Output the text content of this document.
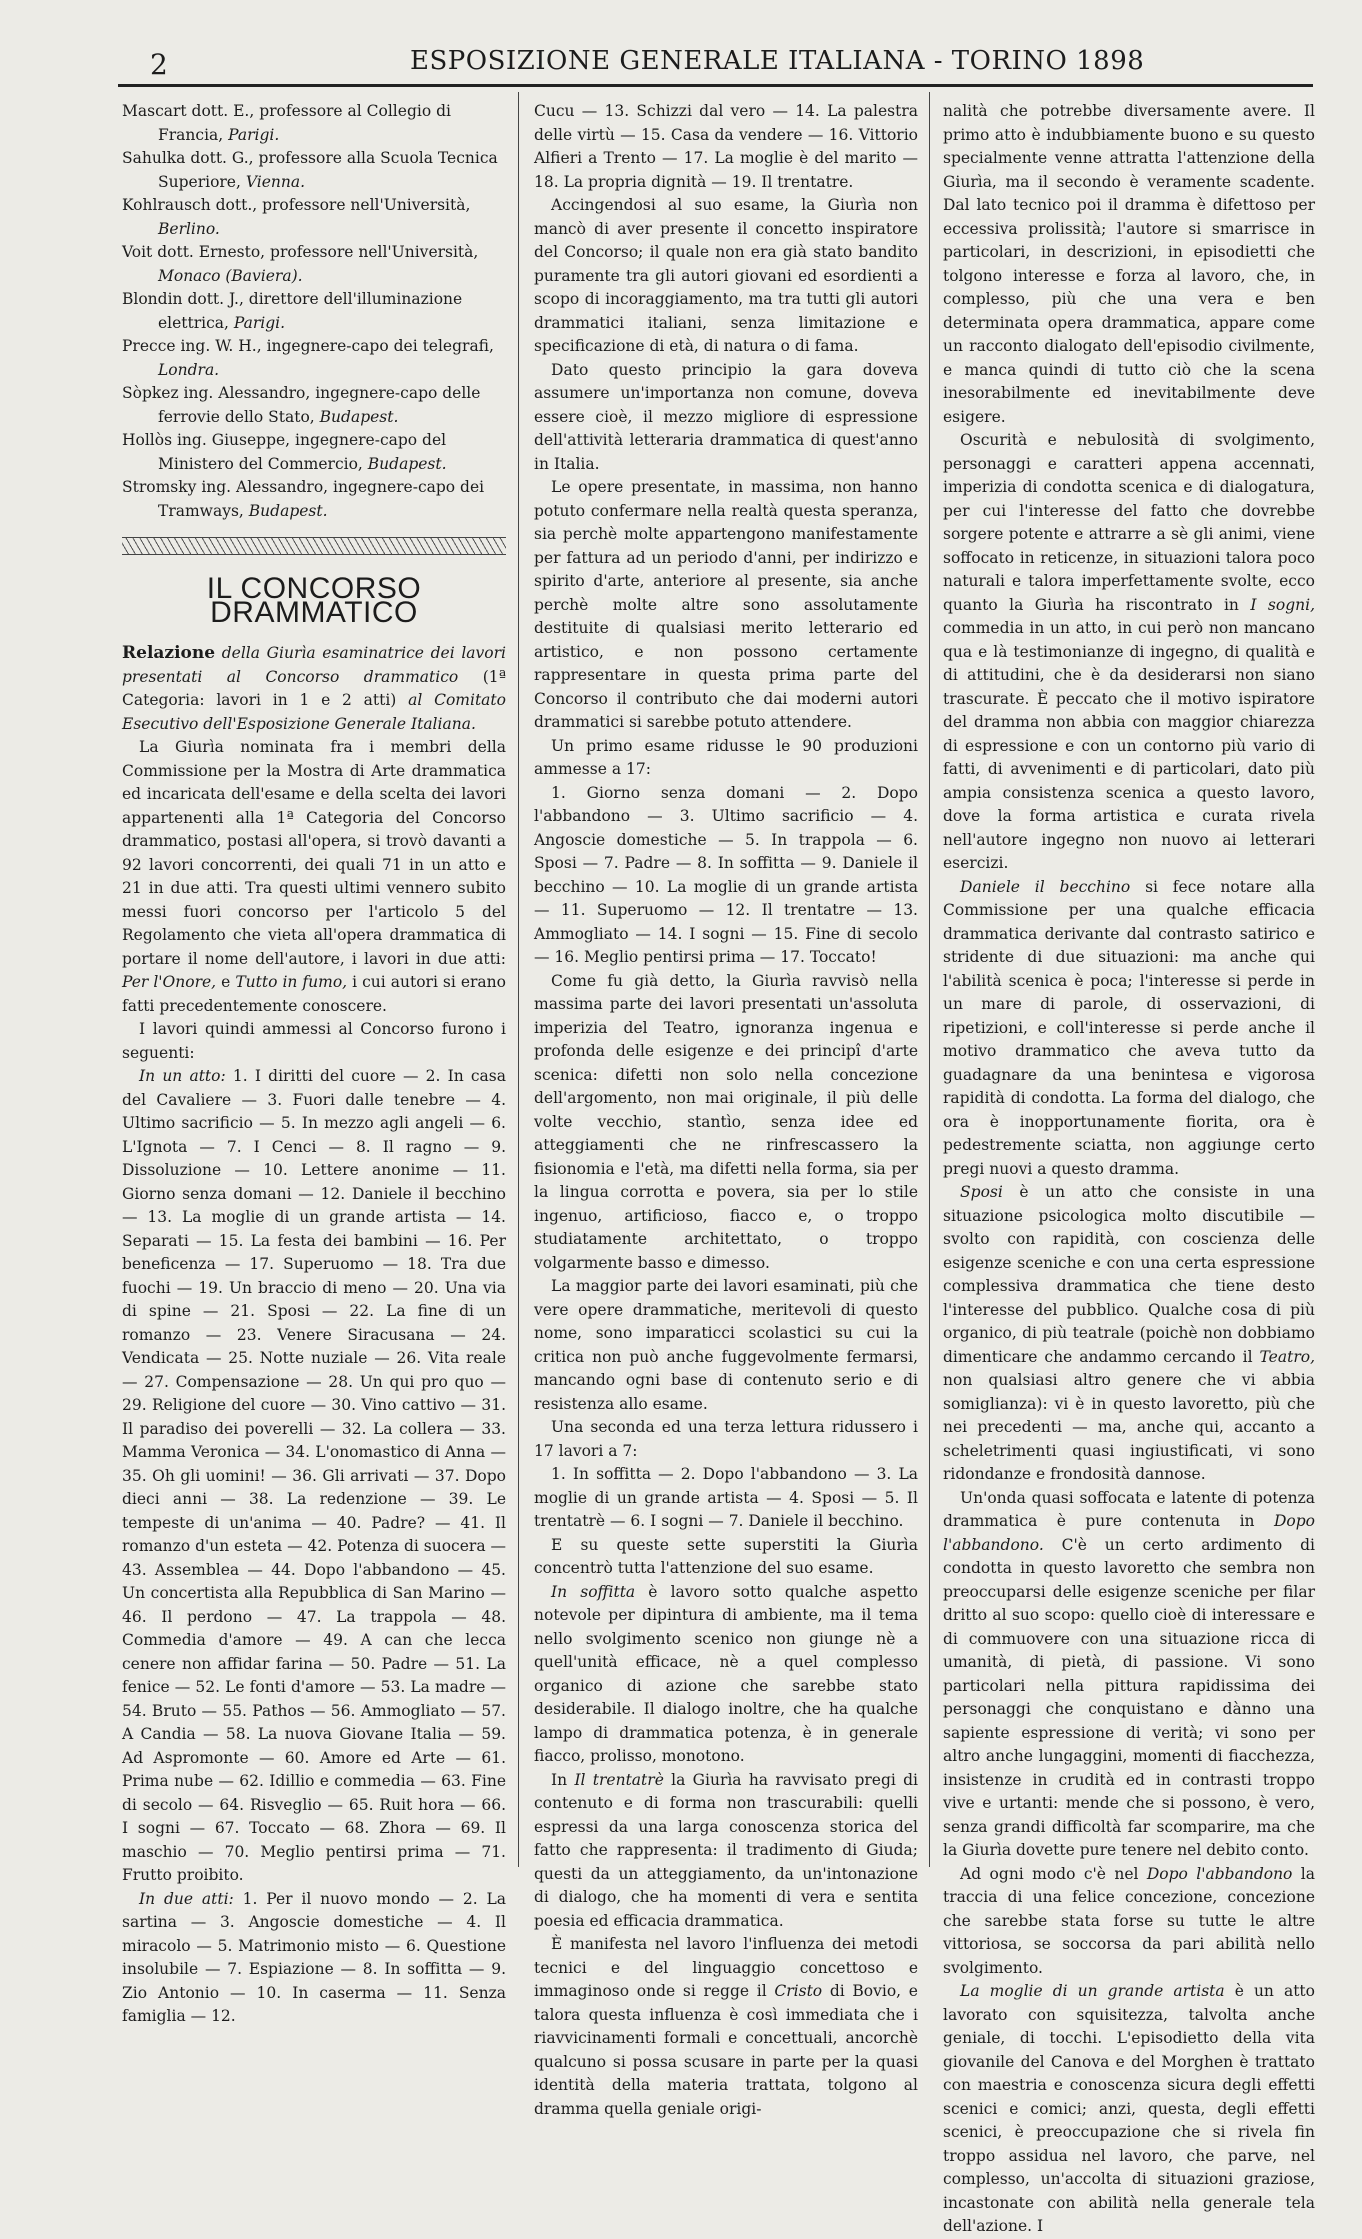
2	ESPOSIZIONE GENERALE ITALIANA - TORINO 1898
Mascart dott. E., professore al Collegio di Francia, Parigi.
Sahulka dott. G., professore alla Scuola Tecnica Superiore, Vienna.
Kohlrausch dott., professore nell'Università, Berlino.
Voit dott. Ernesto, professore nell'Università, Monaco (Baviera).
Blondin dott. J., direttore dell'illuminazione elettrica, Parigi.
Precce ing. W. H., ingegnere-capo dei telegrafi, Londra.
Sòpkez ing. Alessandro, ingegnere-capo delle ferrovie dello Stato, Budapest.
Hollòs ing. Giuseppe, ingegnere-capo del Ministero del Commercio, Budapest.
Stromsky ing. Alessandro, ingegnere-capo dei Tramways, Budapest.
IL CONCORSO DRAMMATICO

Relazione della Giurìa esaminatrice dei lavori presentati al Concorso drammatico (1ª Categoria: lavori in 1 e 2 atti) al Comitato Esecutivo dell'Esposizione Generale Italiana.

La Giurìa nominata fra i membri della Commissione per la Mostra di Arte drammatica ed incaricata dell'esame e della scelta dei lavori appartenenti alla 1ª Categoria del Concorso drammatico, postasi all'opera, si trovò davanti a 92 lavori concorrenti, dei quali 71 in un atto e 21 in due atti. Tra questi ultimi vennero subito messi fuori concorso per l'articolo 5 del Regolamento che vieta all'opera drammatica di portare il nome dell'autore, i lavori in due atti: Per l'Onore, e Tutto in fumo, i cui autori si erano fatti precedentemente conoscere.

I lavori quindi ammessi al Concorso furono i seguenti:

In un atto: 1. I diritti del cuore — 2. In casa del Cavaliere — 3. Fuori dalle tenebre — 4. Ultimo sacrificio — 5. In mezzo agli angeli — 6. L'Ignota — 7. I Cenci — 8. Il ragno — 9. Dissoluzione — 10. Lettere anonime — 11. Giorno senza domani — 12. Daniele il becchino — 13. La moglie di un grande artista — 14. Separati — 15. La festa dei bambini — 16. Per beneficenza — 17. Superuomo — 18. Tra due fuochi — 19. Un braccio di meno — 20. Una via di spine — 21. Sposi — 22. La fine di un romanzo — 23. Venere Siracusana — 24. Vendicata — 25. Notte nuziale — 26. Vita reale — 27. Compensazione — 28. Un qui pro quo — 29. Religione del cuore — 30. Vino cattivo — 31. Il paradiso dei poverelli — 32. La collera — 33. Mamma Veronica — 34. L'onomastico di Anna — 35. Oh gli uomini! — 36. Gli arrivati — 37. Dopo dieci anni — 38. La redenzione — 39. Le tempeste di un'anima — 40. Padre? — 41. Il romanzo d'un esteta — 42. Potenza di suocera — 43. Assemblea — 44. Dopo l'abbandono — 45. Un concertista alla Repubblica di San Marino — 46. Il perdono — 47. La trappola — 48. Commedia d'amore — 49. A can che lecca cenere non affidar farina — 50. Padre — 51. La fenice — 52. Le fonti d'amore — 53. La madre — 54. Bruto — 55. Pathos — 56. Ammogliato — 57. A Candia — 58. La nuova Giovane Italia — 59. Ad Aspromonte — 60. Amore ed Arte — 61. Prima nube — 62. Idillio e commedia — 63. Fine di secolo — 64. Risveglio — 65. Ruit hora — 66. I sogni — 67. Toccato — 68. Zhora — 69. Il maschio — 70. Meglio pentirsi prima — 71. Frutto proibito.

In due atti: 1. Per il nuovo mondo — 2. La sartina — 3. Angoscie domestiche — 4. Il miracolo — 5. Matrimonio misto — 6. Questione insolubile — 7. Espiazione — 8. In soffitta — 9. Zio Antonio — 10. In caserma — 11. Senza famiglia — 12.

Cucu — 13. Schizzi dal vero — 14. La palestra delle virtù — 15. Casa da vendere — 16. Vittorio Alfieri a Trento — 17. La moglie è del marito — 18. La propria dignità — 19. Il trentatre.

Accingendosi al suo esame, la Giurìa non mancò di aver presente il concetto inspiratore del Concorso; il quale non era già stato bandito puramente tra gli autori giovani ed esordienti a scopo di incoraggiamento, ma tra tutti gli autori drammatici italiani, senza limitazione e specificazione di età, di natura o di fama.

Dato questo principio la gara doveva assumere un'importanza non comune, doveva essere cioè, il mezzo migliore di espressione dell'attività letteraria drammatica di quest'anno in Italia.

Le opere presentate, in massima, non hanno potuto confermare nella realtà questa speranza, sia perchè molte appartengono manifestamente per fattura ad un periodo d'anni, per indirizzo e spirito d'arte, anteriore al presente, sia anche perchè molte altre sono assolutamente destituite di qualsiasi merito letterario ed artistico, e non possono certamente rappresentare in questa prima parte del Concorso il contributo che dai moderni autori drammatici si sarebbe potuto attendere.

Un primo esame ridusse le 90 produzioni ammesse a 17:

1. Giorno senza domani — 2. Dopo l'abbandono — 3. Ultimo sacrificio — 4. Angoscie domestiche — 5. In trappola — 6. Sposi — 7. Padre — 8. In soffitta — 9. Daniele il becchino — 10. La moglie di un grande artista — 11. Superuomo — 12. Il trentatre — 13. Ammogliato — 14. I sogni — 15. Fine di secolo — 16. Meglio pentirsi prima — 17. Toccato!

Come fu già detto, la Giurìa ravvisò nella massima parte dei lavori presentati un'assoluta imperizia del Teatro, ignoranza ingenua e profonda delle esigenze e dei principî d'arte scenica: difetti non solo nella concezione dell'argomento, non mai originale, il più delle volte vecchio, stantìo, senza idee ed atteggiamenti che ne rinfrescassero la fisionomia e l'età, ma difetti nella forma, sia per la lingua corrotta e povera, sia per lo stile ingenuo, artificioso, fiacco e, o troppo studiatamente architettato, o troppo volgarmente basso e dimesso.

La maggior parte dei lavori esaminati, più che vere opere drammatiche, meritevoli di questo nome, sono imparaticci scolastici su cui la critica non può anche fuggevolmente fermarsi, mancando ogni base di contenuto serio e di resistenza allo esame.

Una seconda ed una terza lettura ridussero i 17 lavori a 7:

1. In soffitta — 2. Dopo l'abbandono — 3. La moglie di un grande artista — 4. Sposi — 5. Il trentatrè — 6. I sogni — 7. Daniele il becchino.

E su queste sette superstiti la Giurìa concentrò tutta l'attenzione del suo esame.

In soffitta è lavoro sotto qualche aspetto notevole per dipintura di ambiente, ma il tema nello svolgimento scenico non giunge nè a quell'unità efficace, nè a quel complesso organico di azione che sarebbe stato desiderabile. Il dialogo inoltre, che ha qualche lampo di drammatica potenza, è in generale fiacco, prolisso, monotono.

In Il trentatrè la Giurìa ha ravvisato pregi di contenuto e di forma non trascurabili: quelli espressi da una larga conoscenza storica del fatto che rappresenta: il tradimento di Giuda; questi da un atteggiamento, da un'intonazione di dialogo, che ha momenti di vera e sentita poesia ed efficacia drammatica.

È manifesta nel lavoro l'influenza dei metodi tecnici e del linguaggio concettoso e immaginoso onde si regge il Cristo di Bovio, e talora questa influenza è così immediata che i riavvicinamenti formali e concettuali, ancorchè qualcuno si possa scusare in parte per la quasi identità della materia trattata, tolgono al dramma quella geniale origi-

nalità che potrebbe diversamente avere. Il primo atto è indubbiamente buono e su questo specialmente venne attratta l'attenzione della Giurìa, ma il secondo è veramente scadente. Dal lato tecnico poi il dramma è difettoso per eccessiva prolissità; l'autore si smarrisce in particolari, in descrizioni, in episodietti che tolgono interesse e forza al lavoro, che, in complesso, più che una vera e ben determinata opera drammatica, appare come un racconto dialogato dell'episodio civilmente, e manca quindi di tutto ciò che la scena inesorabilmente ed inevitabilmente deve esigere.

Oscurità e nebulosità di svolgimento, personaggi e caratteri appena accennati, imperizia di condotta scenica e di dialogatura, per cui l'interesse del fatto che dovrebbe sorgere potente e attrarre a sè gli animi, viene soffocato in reticenze, in situazioni talora poco naturali e talora imperfettamente svolte, ecco quanto la Giurìa ha riscontrato in I sogni, commedia in un atto, in cui però non mancano qua e là testimonianze di ingegno, di qualità e di attitudini, che è da desiderarsi non siano trascurate. È peccato che il motivo ispiratore del dramma non abbia con maggior chiarezza di espressione e con un contorno più vario di fatti, di avvenimenti e di particolari, dato più ampia consistenza scenica a questo lavoro, dove la forma artistica e curata rivela nell'autore ingegno non nuovo ai letterari esercizi.

Daniele il becchino si fece notare alla Commissione per una qualche efficacia drammatica derivante dal contrasto satirico e stridente di due situazioni: ma anche qui l'abilità scenica è poca; l'interesse si perde in un mare di parole, di osservazioni, di ripetizioni, e coll'interesse si perde anche il motivo drammatico che aveva tutto da guadagnare da una benintesa e vigorosa rapidità di condotta. La forma del dialogo, che ora è inopportunamente fiorita, ora è pedestremente sciatta, non aggiunge certo pregi nuovi a questo dramma.

Sposi è un atto che consiste in una situazione psicologica molto discutibile — svolto con rapidità, con coscienza delle esigenze sceniche e con una certa espressione complessiva drammatica che tiene desto l'interesse del pubblico. Qualche cosa di più organico, di più teatrale (poichè non dobbiamo dimenticare che andammo cercando il Teatro, non qualsiasi altro genere che vi abbia somiglianza): vi è in questo lavoretto, più che nei precedenti — ma, anche qui, accanto a scheletrimenti quasi ingiustificati, vi sono ridondanze e frondosità dannose.

Un'onda quasi soffocata e latente di potenza drammatica è pure contenuta in Dopo l'abbandono. C'è un certo ardimento di condotta in questo lavoretto che sembra non preoccuparsi delle esigenze sceniche per filar dritto al suo scopo: quello cioè di interessare e di commuovere con una situazione ricca di umanità, di pietà, di passione. Vi sono particolari nella pittura rapidissima dei personaggi che conquistano e dànno una sapiente espressione di verità; vi sono per altro anche lungaggini, momenti di fiacchezza, insistenze in crudità ed in contrasti troppo vive e urtanti: mende che si possono, è vero, senza grandi difficoltà far scomparire, ma che la Giurìa dovette pure tenere nel debito conto.

Ad ogni modo c'è nel Dopo l'abbandono la traccia di una felice concezione, concezione che sarebbe stata forse su tutte le altre vittoriosa, se soccorsa da pari abilità nello svolgimento.

La moglie di un grande artista è un atto lavorato con squisitezza, talvolta anche geniale, di tocchi. L'episodietto della vita giovanile del Canova e del Morghen è trattato con maestria e conoscenza sicura degli effetti scenici e comici; anzi, questa, degli effetti scenici, è preoccupazione che si rivela fin troppo assidua nel lavoro, che parve, nel complesso, un'accolta di situazioni graziose, incastonate con abilità nella generale tela dell'azione. I
